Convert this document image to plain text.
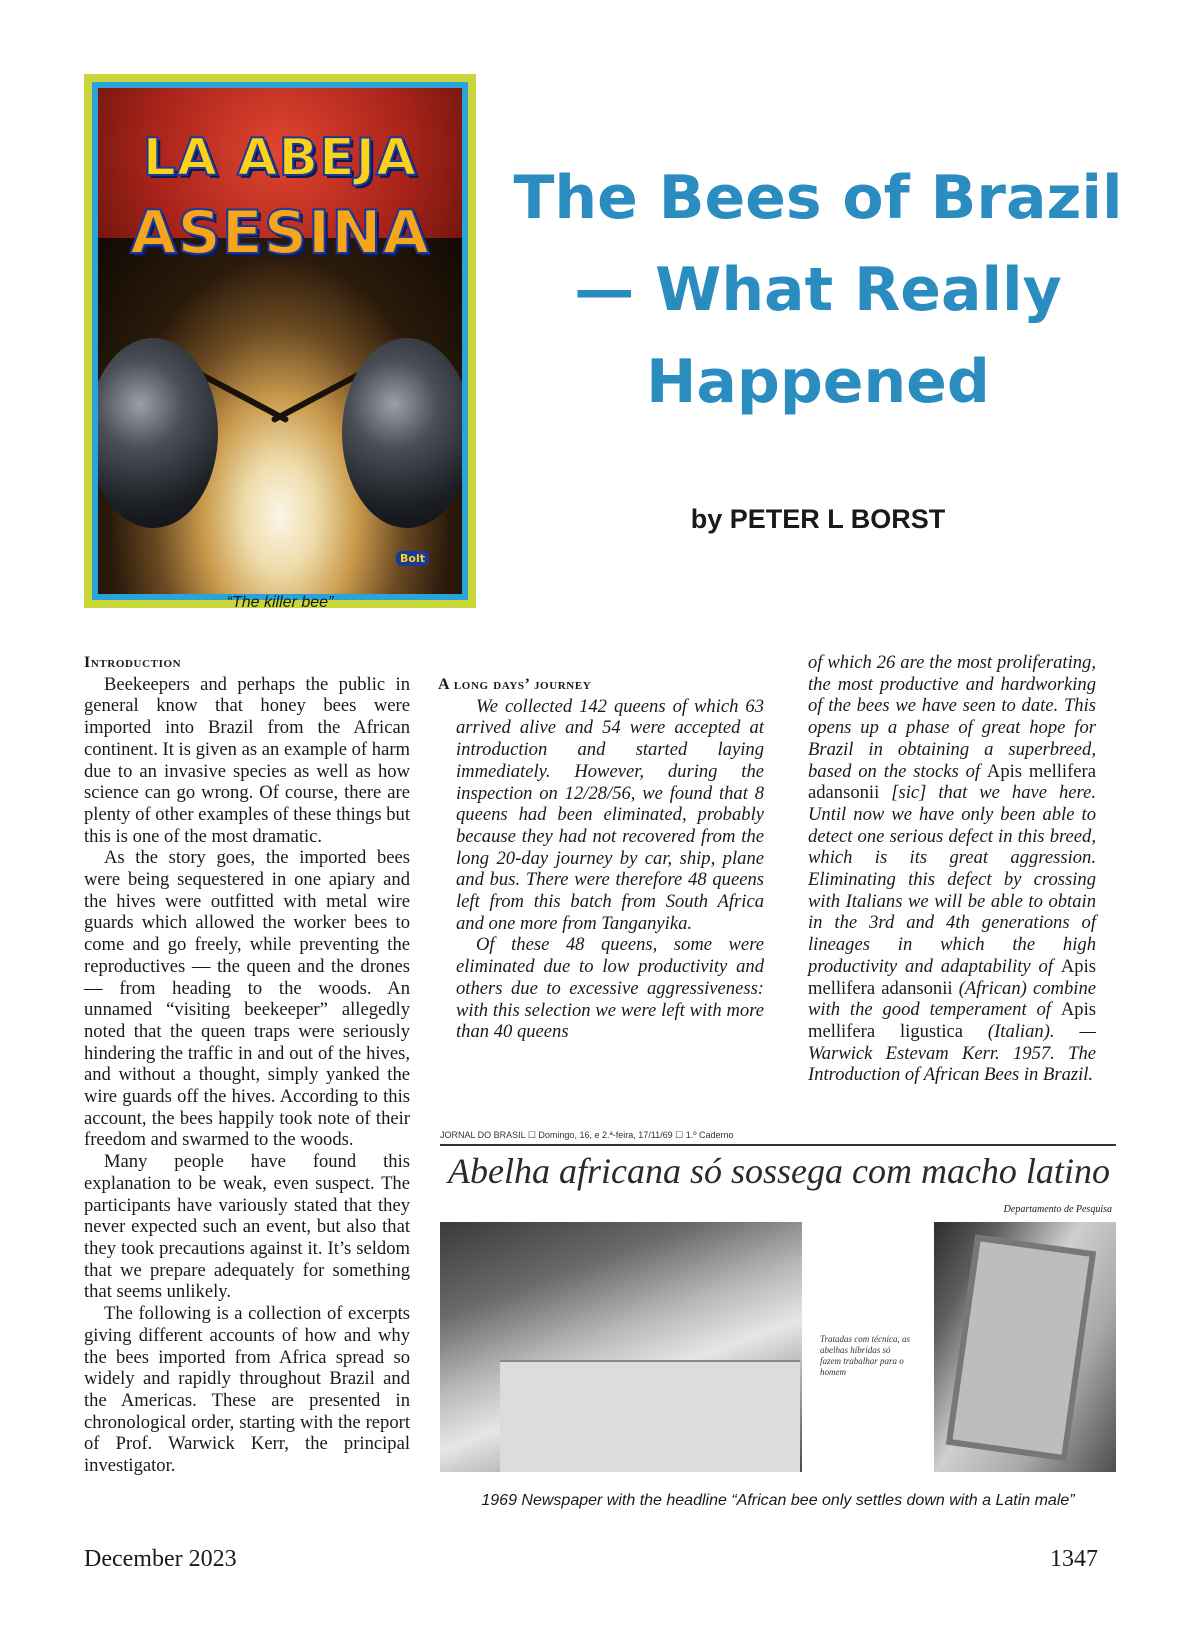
LA ABEJA
ASESINA
Bolt
“The killer bee”
The Bees of Brazil — What Really Happened
by PETER L BORST
Introduction

Beekeepers and perhaps the public in general know that honey bees were imported into Brazil from the African continent. It is given as an example of harm due to an invasive species as well as how science can go wrong. Of course, there are plenty of other examples of these things but this is one of the most dramatic.

As the story goes, the imported bees were being sequestered in one apiary and the hives were outfitted with metal wire guards which allowed the worker bees to come and go freely, while preventing the reproductives — the queen and the drones — from heading to the woods. An unnamed “visiting beekeeper” allegedly noted that the queen traps were seriously hindering the traffic in and out of the hives, and without a thought, simply yanked the wire guards off the hives. According to this account, the bees happily took note of their freedom and swarmed to the woods.

Many people have found this explanation to be weak, even suspect. The participants have variously stated that they never expected such an event, but also that they took precautions against it. It’s seldom that we prepare adequately for something that seems unlikely.

The following is a collection of excerpts giving different accounts of how and why the bees imported from Africa spread so widely and rapidly throughout Brazil and the Americas. These are presented in chronological order, starting with the report of Prof. Warwick Kerr, the principal investigator.

A long days’ journey

We collected 142 queens of which 63 arrived alive and 54 were accepted at introduction and started laying immediately. However, during the inspection on 12/28/56, we found that 8 queens had been eliminated, probably because they had not recovered from the long 20-day journey by car, ship, plane and bus. There were therefore 48 queens left from this batch from South Africa and one more from Tanganyika.

Of these 48 queens, some were eliminated due to low productivity and others due to excessive aggressiveness: with this selection we were left with more than 40 queens

of which 26 are the most proliferating, the most productive and hardworking of the bees we have seen to date. This opens up a phase of great hope for Brazil in obtaining a superbreed, based on the stocks of Apis mellifera adansonii [sic] that we have here. Until now we have only been able to detect one serious defect in this breed, which is its great aggression. Eliminating this defect by crossing with Italians we will be able to obtain in the 3rd and 4th generations of lineages in which the high productivity and adaptability of Apis mellifera adansonii (African) combine with the good temperament of Apis mellifera ligustica (Italian). — Warwick Estevam Kerr. 1957. The Introduction of African Bees in Brazil.

JORNAL DO BRASIL ☐ Domingo, 16, e 2.ª-feira, 17/11/69 ☐ 1.º Caderno
Abelha africana só sossega com macho latino
Departamento de Pesquisa
Tratadas com técnica, as abelhas híbridas só fazem trabalhar para o homem
1969 Newspaper with the headline “African bee only settles down with a Latin male”
December 2023	1347
